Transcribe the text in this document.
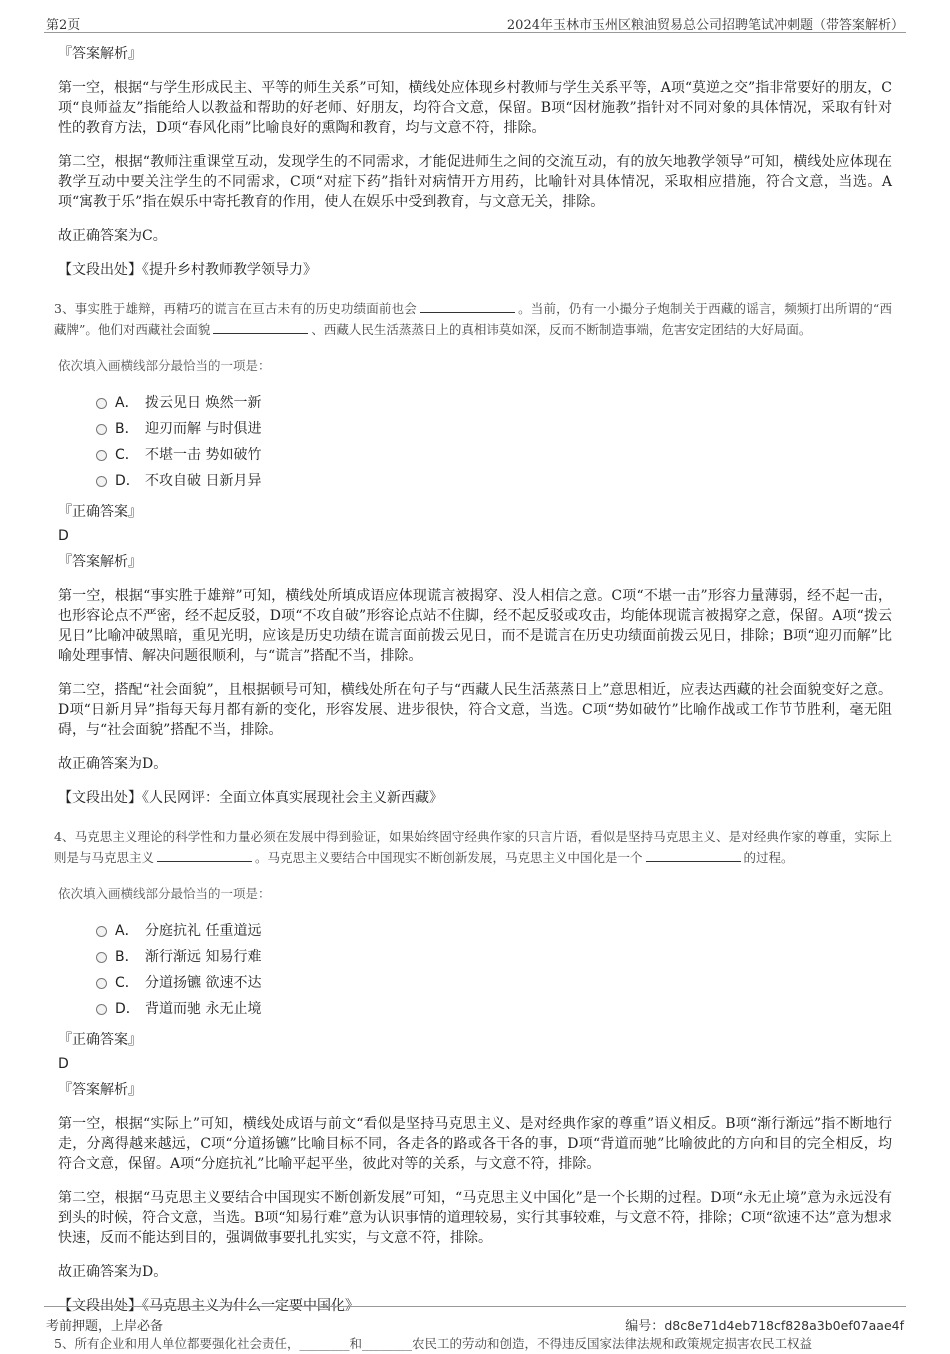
第2页	2024年玉林市玉州区粮油贸易总公司招聘笔试冲刺题（带答案解析）
『答案解析』

第一空，根据“与学生形成民主、平等的师生关系”可知，横线处应体现乡村教师与学生关系平等，A项“莫逆之交”指非常要好的朋友，C项“良师益友”指能给人以教益和帮助的好老师、好朋友，均符合文意，保留。B项“因材施教”指针对不同对象的具体情况，采取有针对性的教育方法，D项“春风化雨”比喻良好的熏陶和教育，均与文意不符，排除。

第二空，根据“教师注重课堂互动，发现学生的不同需求，才能促进师生之间的交流互动，有的放矢地教学领导”可知，横线处应体现在教学互动中要关注学生的不同需求，C项“对症下药”指针对病情开方用药，比喻针对具体情况，采取相应措施，符合文意，当选。A项“寓教于乐”指在娱乐中寄托教育的作用，使人在娱乐中受到教育，与文意无关，排除。

故正确答案为C。

【文段出处】《提升乡村教师教学领导力》

3、事实胜于雄辩，再精巧的谎言在亘古未有的历史功绩面前也会	。当前，仍有一小撮分子炮制关于西藏的谣言，频频打出所谓的“西藏牌”。他们对西藏社会面貌	、西藏人民生活蒸蒸日上的真相讳莫如深，反而不断制造事端，危害安定团结的大好局面。

依次填入画横线部分最恰当的一项是：

A． 拨云见日 焕然一新
B． 迎刃而解 与时俱进
C． 不堪一击 势如破竹
D． 不攻自破 日新月异
『正确答案』
D
『答案解析』

第一空，根据“事实胜于雄辩”可知，横线处所填成语应体现谎言被揭穿、没人相信之意。C项“不堪一击”形容力量薄弱，经不起一击，也形容论点不严密，经不起反驳，D项“不攻自破”形容论点站不住脚，经不起反驳或攻击，均能体现谎言被揭穿之意，保留。A项“拨云见日”比喻冲破黑暗，重见光明，应该是历史功绩在谎言面前拨云见日，而不是谎言在历史功绩面前拨云见日，排除；B项“迎刃而解”比喻处理事情、解决问题很顺利，与“谎言”搭配不当，排除。

第二空，搭配“社会面貌”，且根据顿号可知，横线处所在句子与“西藏人民生活蒸蒸日上”意思相近，应表达西藏的社会面貌变好之意。D项“日新月异”指每天每月都有新的变化，形容发展、进步很快，符合文意，当选。C项“势如破竹”比喻作战或工作节节胜利，毫无阻碍，与“社会面貌”搭配不当，排除。

故正确答案为D。

【文段出处】《人民网评：全面立体真实展现社会主义新西藏》

4、马克思主义理论的科学性和力量必须在发展中得到验证，如果始终固守经典作家的只言片语，看似是坚持马克思主义、是对经典作家的尊重，实际上则是与马克思主义	。马克思主义要结合中国现实不断创新发展，马克思主义中国化是一个	的过程。

依次填入画横线部分最恰当的一项是：

A． 分庭抗礼 任重道远
B． 渐行渐远 知易行难
C． 分道扬镳 欲速不达
D． 背道而驰 永无止境
『正确答案』
D
『答案解析』

第一空，根据“实际上”可知，横线处成语与前文“看似是坚持马克思主义、是对经典作家的尊重”语义相反。B项“渐行渐远”指不断地行走，分离得越来越远，C项“分道扬镳”比喻目标不同，各走各的路或各干各的事，D项“背道而驰”比喻彼此的方向和目的完全相反，均符合文意，保留。A项“分庭抗礼”比喻平起平坐，彼此对等的关系，与文意不符，排除。

第二空，根据“马克思主义要结合中国现实不断创新发展”可知，“马克思主义中国化”是一个长期的过程。D项“永无止境”意为永远没有到头的时候，符合文意，当选。B项“知易行难”意为认识事情的道理较易，实行其事较难，与文意不符，排除；C项“欲速不达”意为想求快速，反而不能达到目的，强调做事要扎扎实实，与文意不符，排除。

故正确答案为D。

【文段出处】《马克思主义为什么一定要中国化》

5、所有企业和用人单位都要强化社会责任，________和________农民工的劳动和创造，不得违反国家法律法规和政策规定损害农民工权益
考前押题，上岸必备	编号：d8c8e71d4eb718cf828a3b0ef07aae4f
